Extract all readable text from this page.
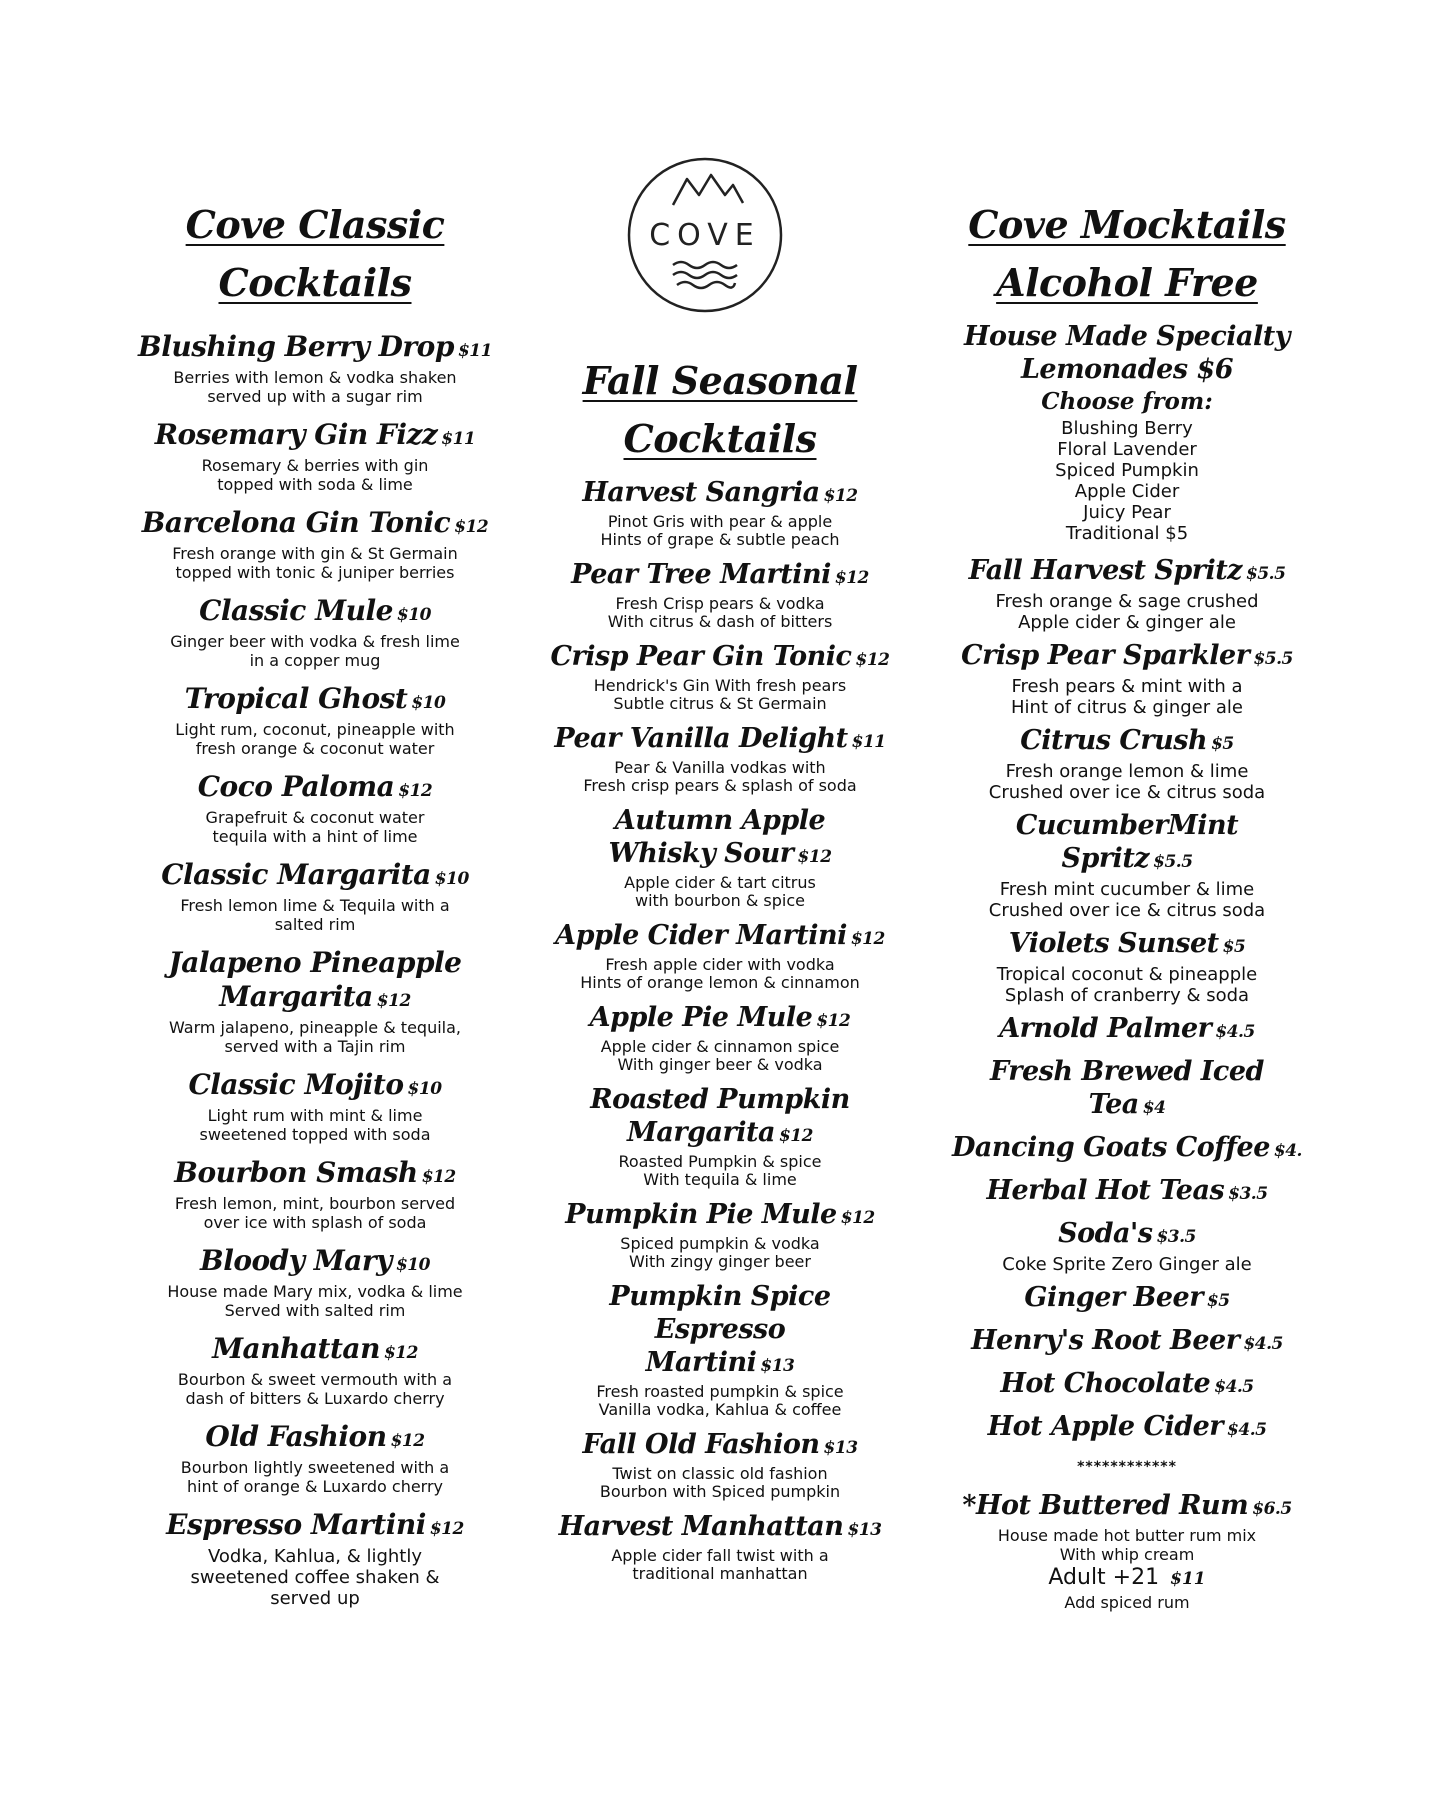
COVE
Cove Classic
Cocktails
Blushing Berry Drop $11
Berries with lemon & vodka shaken
served up with a sugar rim
Rosemary Gin Fizz $11
Rosemary & berries with gin
topped with soda & lime
Barcelona Gin Tonic $12
Fresh orange with gin & St Germain
topped with tonic & juniper berries
Classic Mule $10
Ginger beer with vodka & fresh lime
in a copper mug
Tropical Ghost $10
Light rum, coconut, pineapple with
fresh orange & coconut water
Coco Paloma $12
Grapefruit & coconut water
tequila with a hint of lime
Classic Margarita $10
Fresh lemon lime & Tequila with a
salted rim
Jalapeno Pineapple
Margarita $12
Warm jalapeno, pineapple & tequila,
served with a Tajin rim
Classic Mojito $10
Light rum with mint & lime
sweetened topped with soda
Bourbon Smash $12
Fresh lemon, mint, bourbon served
over ice with splash of soda
Bloody Mary $10
House made Mary mix, vodka & lime
Served with salted rim
Manhattan $12
Bourbon & sweet vermouth with a
dash of bitters & Luxardo cherry
Old Fashion $12
Bourbon lightly sweetened with a
hint of orange & Luxardo cherry
Espresso Martini $12
Vodka, Kahlua, & lightly
sweetened coffee shaken &
served up
Fall Seasonal
Cocktails
Harvest Sangria $12
Pinot Gris with pear & apple
Hints of grape & subtle peach
Pear Tree Martini $12
Fresh Crisp pears & vodka
With citrus & dash of bitters
Crisp Pear Gin Tonic $12
Hendrick's Gin With fresh pears
Subtle citrus & St Germain
Pear Vanilla Delight $11
Pear & Vanilla vodkas with
Fresh crisp pears & splash of soda
Autumn Apple
Whisky Sour $12
Apple cider & tart citrus
with bourbon & spice
Apple Cider Martini $12
Fresh apple cider with vodka
Hints of orange lemon & cinnamon
Apple Pie Mule $12
Apple cider & cinnamon spice
With ginger beer & vodka
Roasted Pumpkin
Margarita $12
Roasted Pumpkin & spice
With tequila & lime
Pumpkin Pie Mule $12
Spiced pumpkin & vodka
With zingy ginger beer
Pumpkin Spice Espresso
Martini $13
Fresh roasted pumpkin & spice
Vanilla vodka, Kahlua & coffee
Fall Old Fashion $13
Twist on classic old fashion
Bourbon with Spiced pumpkin
Harvest Manhattan $13
Apple cider fall twist with a
traditional manhattan
Cove Mocktails
Alcohol Free
House Made Specialty
Lemonades $6
Choose from:
Blushing Berry
Floral Lavender
Spiced Pumpkin
Apple Cider
Juicy Pear
Traditional $5
Fall Harvest Spritz $5.5
Fresh orange & sage crushed
Apple cider & ginger ale
Crisp Pear Sparkler $5.5
Fresh pears & mint with a
Hint of citrus & ginger ale
Citrus Crush $5
Fresh orange lemon & lime
Crushed over ice & citrus soda
CucumberMint Spritz $5.5
Fresh mint cucumber & lime
Crushed over ice & citrus soda
Violets Sunset $5
Tropical coconut & pineapple
Splash of cranberry & soda
Arnold Palmer $4.5
Fresh Brewed Iced Tea $4
Dancing Goats Coffee $4.
Herbal Hot Teas $3.5
Soda's $3.5
Coke Sprite Zero Ginger ale
Ginger Beer $5
Henry's Root Beer $4.5
Hot Chocolate $4.5
Hot Apple Cider $4.5
************
*Hot Buttered Rum $6.5
House made hot butter rum mix
With whip cream
Adult +21 $11
Add spiced rum
